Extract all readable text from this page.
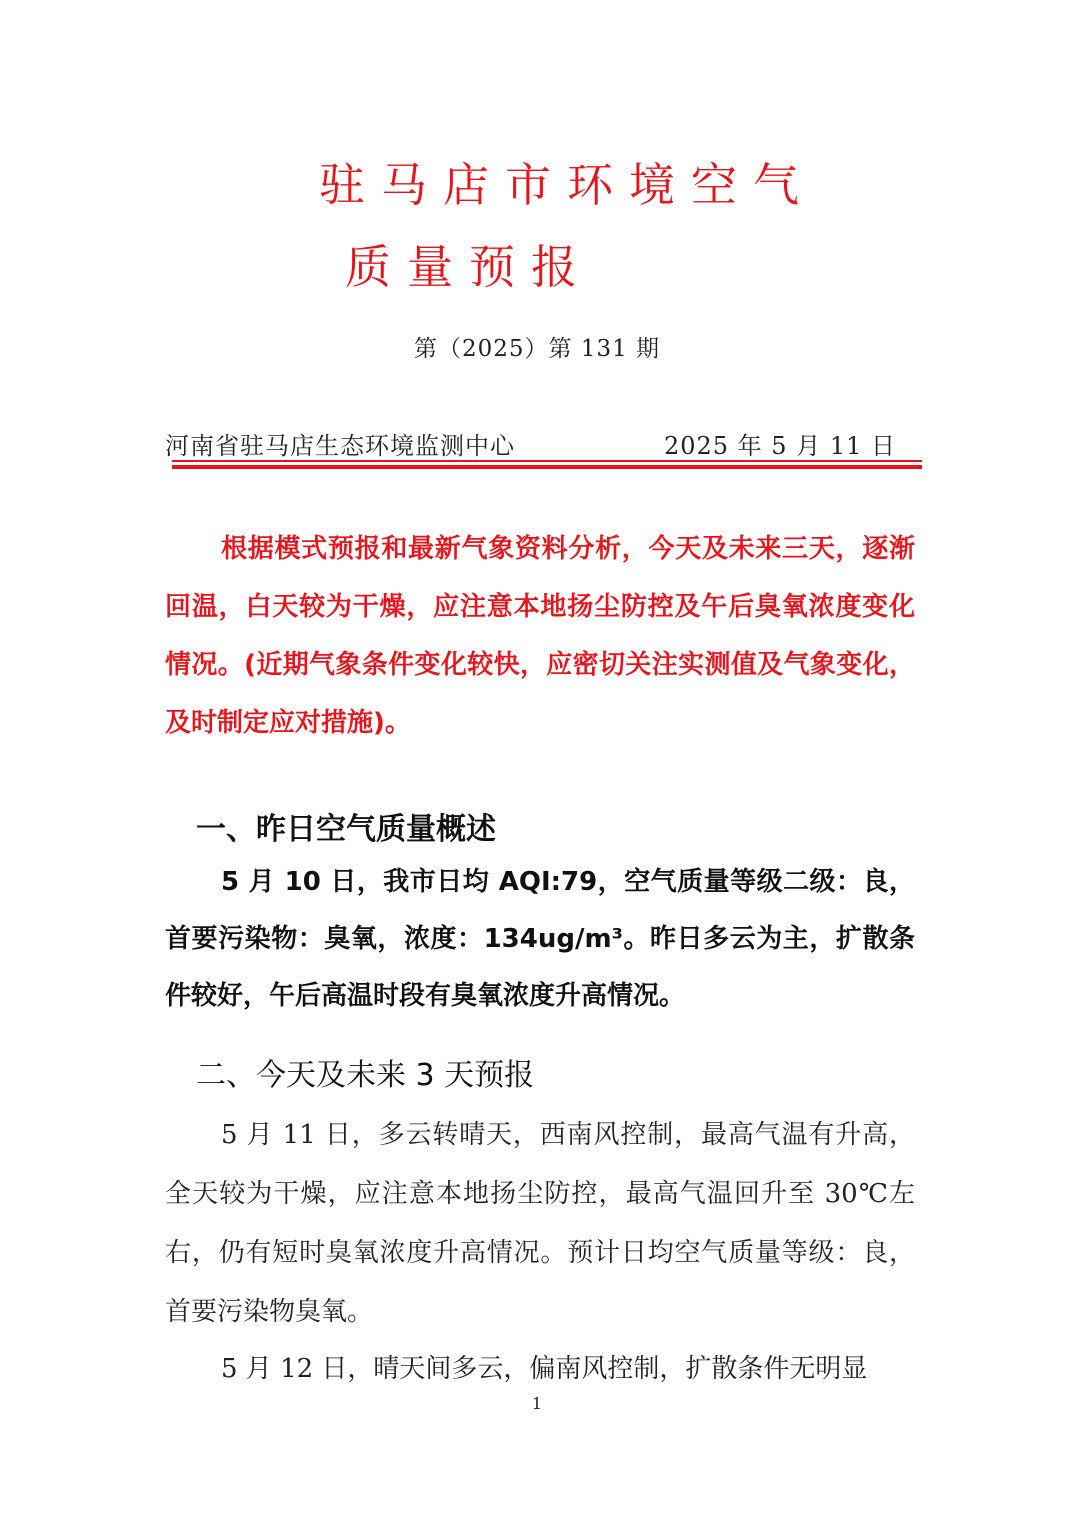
驻马店市环境空气
质量预报
第（2025）第 131 期
河南省驻马店生态环境监测中心	2025 年 5 月 11 日
根据模式预报和最新气象资料分析，今天及未来三天，逐渐回温，白天较为干燥，应注意本地扬尘防控及午后臭氧浓度变化情况。(近期气象条件变化较快，应密切关注实测值及气象变化，及时制定应对措施)。
一、昨日空气质量概述
5 月 10 日，我市日均 AQI:79，空气质量等级二级：良，首要污染物：臭氧，浓度：134ug/m³。昨日多云为主，扩散条件较好，午后高温时段有臭氧浓度升高情况。
二、今天及未来 3 天预报
5 月 11 日，多云转晴天，西南风控制，最高气温有升高，全天较为干燥，应注意本地扬尘防控，最高气温回升至 30℃左右，仍有短时臭氧浓度升高情况。预计日均空气质量等级：良，首要污染物臭氧。
5 月 12 日，晴天间多云，偏南风控制，扩散条件无明显
1
